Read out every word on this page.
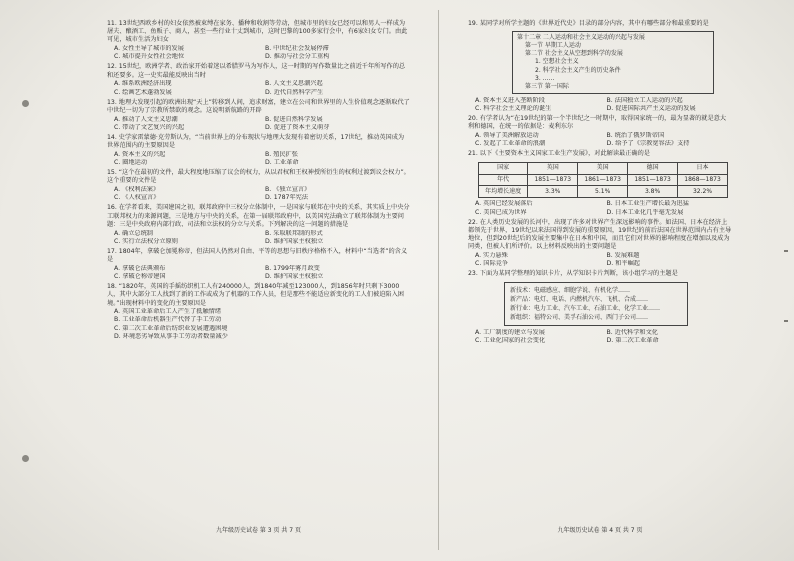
11. 13世纪西欧乡村的妇女依然被束缚在家务、播种和收割等劳动，但城市里的妇女已经可以和男人一样成为屠夫、酿酒工、鱼贩子、商人，甚至一些行业十丈到城市，这时巴黎的100多家行会中，有6家妇女专门。由此可见，城市生活为妇女

A. 女性主导了城市的发展	B. 中世纪社会发展停滞
C. 城市提升女性社会地位	D. 推动与社会分工重构

12. 15世纪，欧洲学者、政治家开始着迷以希腊罗马为写作人，这一时期的写作数量比之前近千年所写作的总和还要多。这一史实最能反映出当时

A. 维系欧洲经济出现	B. 人文主义思潮兴起
C. 绘画艺术蓬勃发展	D. 近代自然科学产生

13. 地理大发现引起的欧洲出现“天上”转移到人间，追求财富，建立在公司和世界里的人生价值观念逐渐取代了中世纪一切为了宗教所禁欲的观念。这说明新航路的开辟

A. 推动了人文主义思潮	B. 促进自然科学发展
C. 带动了文艺复兴的兴起	D. 促进了资本主义萌芽

14. 史学家雷蒙德·克劳斯认为，“当前世界上的分布现状与地理大发现有着密切关系，17世纪，推动英国成为世界范围内的主要原因是

A. 资本主义的兴起	B. 殖民扩张
C. 圈地运动	D. 工业革命

15. “这个在最初的文件，最大程度地压缩了议会的权力，从以君权和王权神授所衍生的权利过渡到议会权力”。这个重要的文件是

A. 《权利法案》	B. 《独立宣言》
C. 《人权宣言》	D. 1787年宪法

16. 在学者看来，美国建国之初，联邦政府中三权分立体制中，一是国家与联邦在中央的关系，其实质上中央分工联邦权力的来源问题，三是地方与中央的关系，在第一届联邦政府中，以美国宪法确立了联邦体制为主要问题：三是中央政府内部行政、司法和立法权的分立与关系。下列解决的这一问题的措施是

A. 确立总统制	B. 采取联邦制的形式
C. 实行立法权分立原则	D. 维护国家主权独立

17. 1804年，拿破仑加冕称帝，但法国人仍然对自由、平等的思想与旧秩序格格不入，材料中“当选者”的含义是

A. 拿破仑法典颁布	B. 1799年雾月政变
C. 拿破仑称帝建国	D. 维护国家主权独立

18. “1820年，英国的手摇纺织机工人有240000人，到1840年减至123000人，到1856年时只剩下3000人，其中大部分工人找到了新的工作或成为了机器的工作人员，但是那些不能适应新变化的工人们被迫陷入困境。”出现材料中的变化的主要原因是

A. 英国工业革命后工人产生了抵触情绪
B. 工业革命后机器生产代替了手工劳动
C. 第二次工业革命后纺织业发展遭遇困境
D. 环境恶劣导致从事手工劳动者数量减少
九年级历史试卷 第 3 页 共 7 页

19. 某同学对所学主题的《世界近代史》目录的部分内容，其中有哪些部分和最重要的是

第十二章 二人运动和社会主义运动的兴起与发展
第一节 早期工人运动
第二节 社会主义从空想到科学的发展
1. 空想社会主义
2. 科学社会主义产生的历史条件
3. ……
第三节 第一国际
A. 资本主义进入垄断阶段	B. 法国独立工人运动的兴起
C. 科学社会主义理论的诞生	D. 促进国际共产主义运动的发展

20. 有学者认为“在19世纪的第一个半世纪之一时期中，取得国家统一的，最为显著的就是意大利和德国，在统一的依据是：麦利东尔

A. 领导了美洲解放运动	B. 统治了俄罗斯帝国
C. 发起了工业革命的浪潮	D. 给予了《宗教宽容法》支持

21. 以下《主要资本主义国家工业生产发展》，对此解读最正确的是

国家	英国	美国	德国	日本
年代	1851—1873	1861—1873	1851—1873	1868—1873
年均增长速度	3.3%	5.1%	3.8%	32.2%
A. 英国已经发展落后	B. 日本工业生产增长最为迅猛
C. 美国已成为世界	D. 日本工业化几乎毫无发展

22. 在人类历史发展的长河中，出现了许多对世界产生深远影响的事件。如法国、日本在经济上都领先于世界，19世纪以来法国得到发展的重要原因，19世纪的前后法国在世界范围内占有主导地位，但到20世纪后的发展主要集中在日本和中国，而且它们对世界的影响程度在增加以及成为同类，但被人们所评价。以上材料反映出的主要问题是

A. 实力悬殊	B. 发展难题
C. 国际竞争	D. 和平崛起

23. 下面为某同学整理的知识卡片，从学知识卡片判断，该小组学习的主题是

新技术：电磁感应、细胞学说、有机化学……
新产品：电灯、电话、内燃机汽车、飞机、合成……
新行业：电力工业、汽车工业、石油工业、化学工业……
新组织：福特公司、美孚石油公司、西门子公司……
A. 工厂制度的建立与发展	B. 近代科学和文化
C. 工业化国家的社会变化	D. 第二次工业革命
九年级历史试卷 第 4 页 共 7 页
